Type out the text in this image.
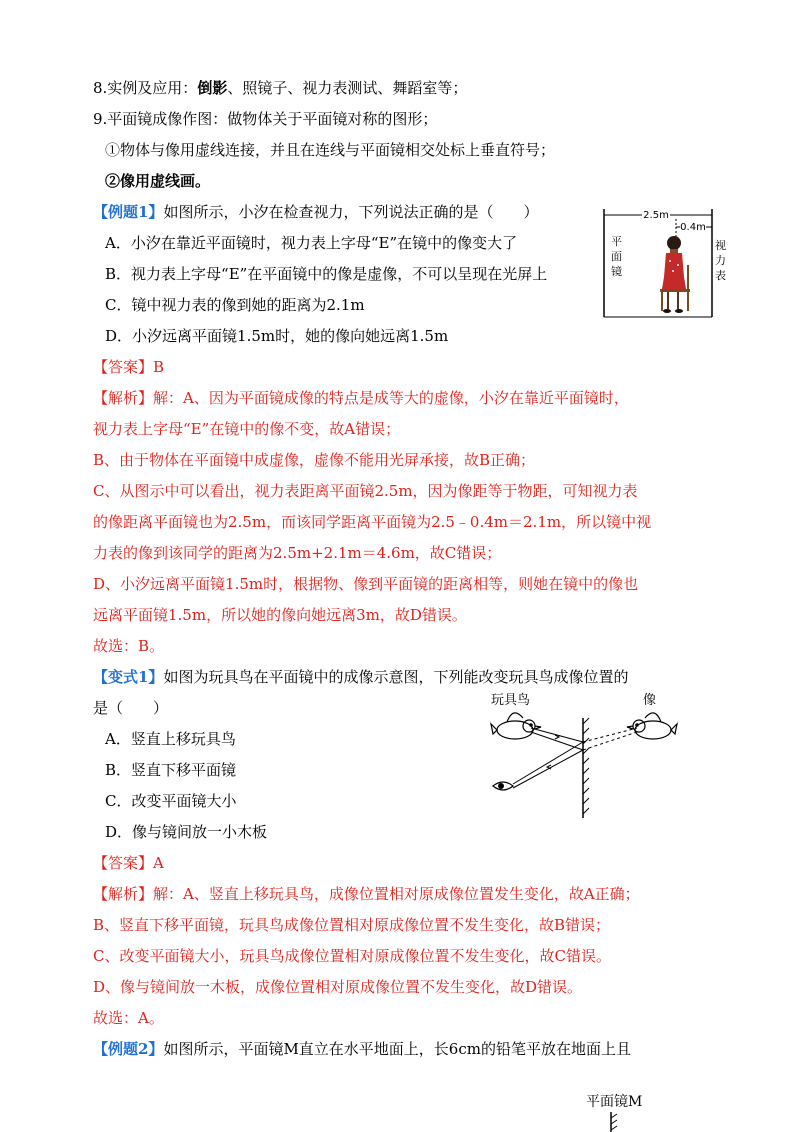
8.实例及应用：倒影、照镜子、视力表测试、舞蹈室等；
9.平面镜成像作图：做物体关于平面镜对称的图形；
①物体与像用虚线连接，并且在连线与平面镜相交处标上垂直符号；
②像用虚线画。
【例题1】如图所示，小汐在检查视力，下列说法正确的是（　　）
A．小汐在靠近平面镜时，视力表上字母“E”在镜中的像变大了
B．视力表上字母“E”在平面镜中的像是虚像，不可以呈现在光屏上
C．镜中视力表的像到她的距离为2.1m
D．小汐远离平面镜1.5m时，她的像向她远离1.5m
【答案】B
【解析】解：A、因为平面镜成像的特点是成等大的虚像，小汐在靠近平面镜时，
视力表上字母“E”在镜中的像不变，故A错误；
B、由于物体在平面镜中成虚像，虚像不能用光屏承接，故B正确；
C、从图示中可以看出，视力表距离平面镜2.5m，因为像距等于物距，可知视力表
的像距离平面镜也为2.5m，而该同学距离平面镜为2.5﹣0.4m＝2.1m，所以镜中视
力表的像到该同学的距离为2.5m+2.1m＝4.6m，故C错误；
D、小汐远离平面镜1.5m时，根据物、像到平面镜的距离相等，则她在镜中的像也
远离平面镜1.5m，所以她的像向她远离3m，故D错误。
故选：B。
【变式1】如图为玩具鸟在平面镜中的成像示意图，下列能改变玩具鸟成像位置的
是（　　）
A．竖直上移玩具鸟
B．竖直下移平面镜
C．改变平面镜大小
D．像与镜间放一小木板
【答案】A
【解析】解：A、竖直上移玩具鸟，成像位置相对原成像位置发生变化，故A正确；
B、竖直下移平面镜，玩具鸟成像位置相对原成像位置不发生变化，故B错误；
C、改变平面镜大小，玩具鸟成像位置相对原成像位置不发生变化，故C错误。
D、像与镜间放一木板，成像位置相对原成像位置不发生变化，故D错误。
故选：A。
【例题2】如图所示，平面镜M直立在水平地面上，长6cm的铅笔平放在地面上且
2.5m
0.4m
平
面
镜
视
力
表
玩具鸟	像
平面镜M
